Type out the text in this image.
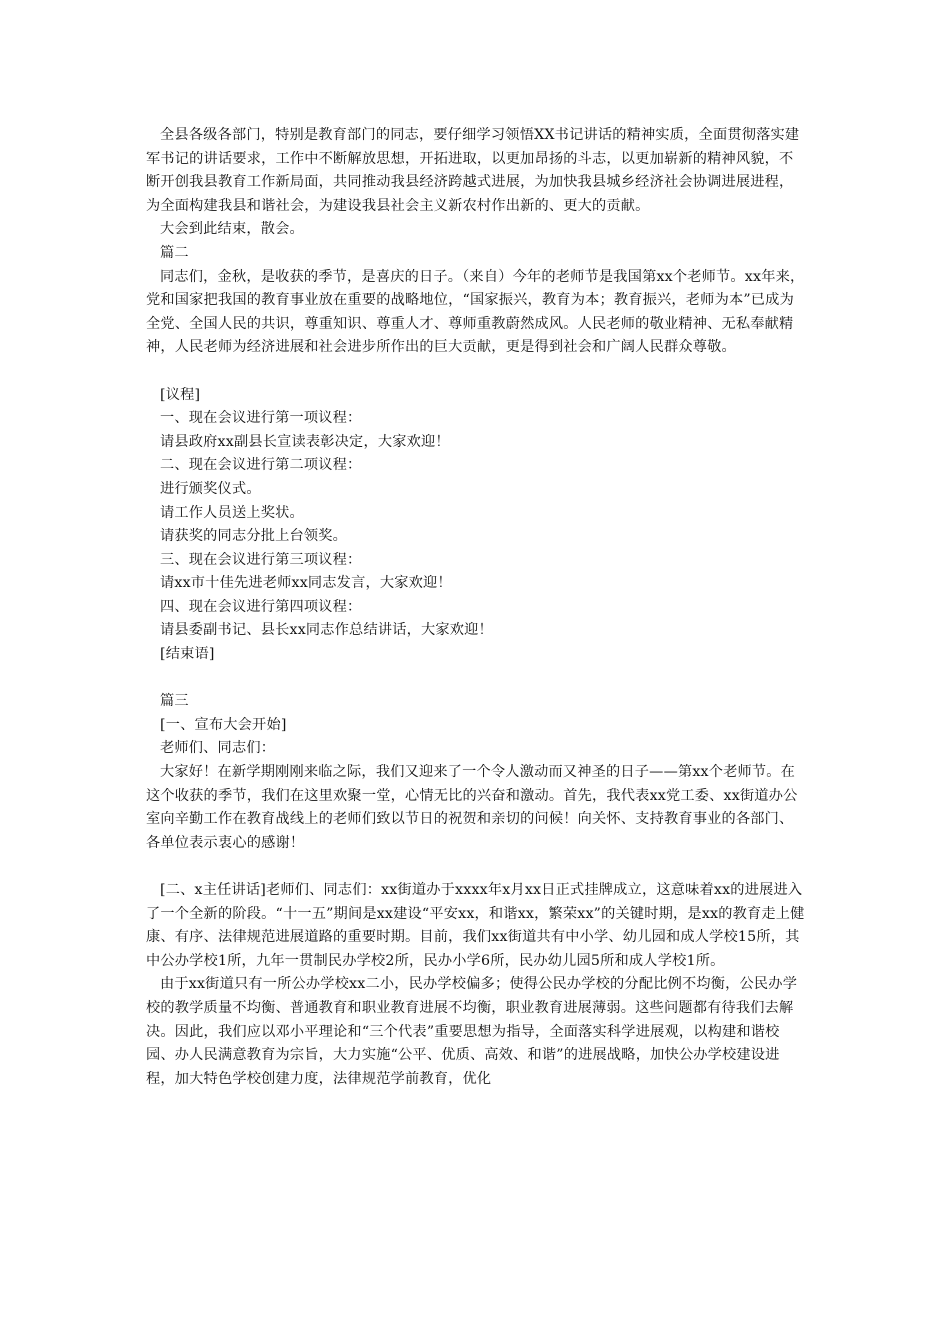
全县各级各部门，特别是教育部门的同志，要仔细学习领悟XX书记讲话的精神实质，全面贯彻落实建军书记的讲话要求，工作中不断解放思想，开拓进取，以更加昂扬的斗志，以更加崭新的精神风貌，不断开创我县教育工作新局面，共同推动我县经济跨越式进展，为加快我县城乡经济社会协调进展进程，为全面构建我县和谐社会，为建设我县社会主义新农村作出新的、更大的贡献。

大会到此结束，散会。

篇二

同志们，金秋，是收获的季节，是喜庆的日子。（来自）今年的老师节是我国第xx个老师节。xx年来，党和国家把我国的教育事业放在重要的战略地位，“国家振兴，教育为本；教育振兴，老师为本”已成为全党、全国人民的共识，尊重知识、尊重人才、尊师重教蔚然成风。人民老师的敬业精神、无私奉献精神，人民老师为经济进展和社会进步所作出的巨大贡献，更是得到社会和广阔人民群众尊敬。

[议程]

一、现在会议进行第一项议程：

请县政府xx副县长宣读表彰决定，大家欢迎！

二、现在会议进行第二项议程：

进行颁奖仪式。

请工作人员送上奖状。

请获奖的同志分批上台领奖。

三、现在会议进行第三项议程：

请xx市十佳先进老师xx同志发言，大家欢迎！

四、现在会议进行第四项议程：

请县委副书记、县长xx同志作总结讲话，大家欢迎！

[结束语]

篇三

[一、宣布大会开始]

老师们、同志们：

大家好！在新学期刚刚来临之际，我们又迎来了一个令人激动而又神圣的日子——第xx个老师节。在这个收获的季节，我们在这里欢聚一堂，心情无比的兴奋和激动。首先，我代表xx党工委、xx街道办公室向辛勤工作在教育战线上的老师们致以节日的祝贺和亲切的问候！向关怀、支持教育事业的各部门、各单位表示衷心的感谢！

[二、x主任讲话]老师们、同志们：xx街道办于xxxx年x月xx日正式挂牌成立，这意味着xx的进展进入了一个全新的阶段。“十一五”期间是xx建设“平安xx，和谐xx，繁荣xx”的关键时期，是xx的教育走上健康、有序、法律规范进展道路的重要时期。目前，我们xx街道共有中小学、幼儿园和成人学校15所，其中公办学校1所，九年一贯制民办学校2所，民办小学6所，民办幼儿园5所和成人学校1所。

由于xx街道只有一所公办学校xx二小，民办学校偏多；使得公民办学校的分配比例不均衡，公民办学校的教学质量不均衡、普通教育和职业教育进展不均衡，职业教育进展薄弱。这些问题都有待我们去解决。因此，我们应以邓小平理论和“三个代表”重要思想为指导，全面落实科学进展观，以构建和谐校园、办人民满意教育为宗旨，大力实施“公平、优质、高效、和谐”的进展战略，加快公办学校建设进程，加大特色学校创建力度，法律规范学前教育，优化
